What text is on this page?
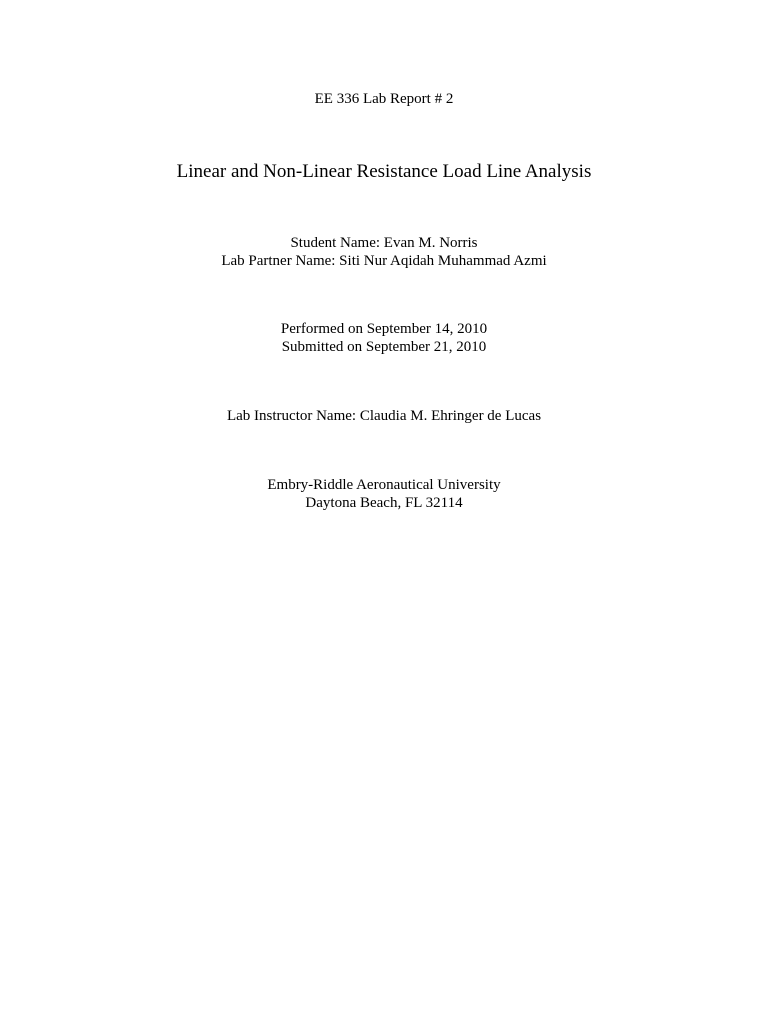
EE 336 Lab Report # 2
Linear and Non-Linear Resistance Load Line Analysis
Student Name: Evan M. Norris
Lab Partner Name: Siti Nur Aqidah Muhammad Azmi
Performed on September 14, 2010
Submitted on September 21, 2010
Lab Instructor Name: Claudia M. Ehringer de Lucas
Embry-Riddle Aeronautical University
Daytona Beach, FL 32114
